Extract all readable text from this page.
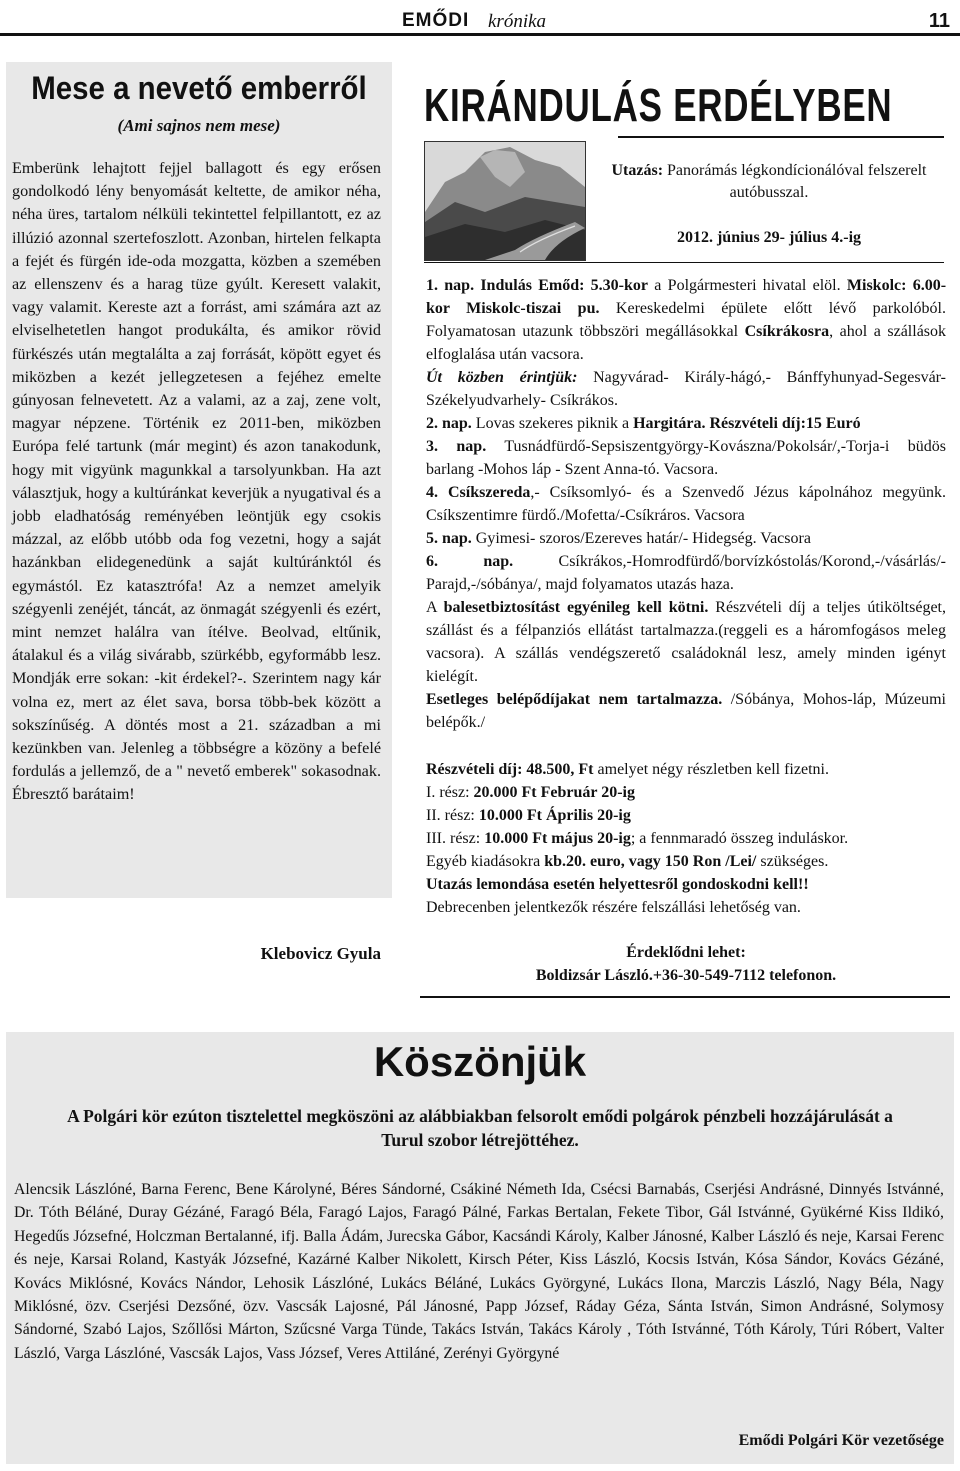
EMŐDI krónika	11
Mese a nevető emberről
(Ami sajnos nem mese)
Emberünk lehajtott fejjel ballagott és egy erősen gondolkodó lény benyomását keltette, de amikor néha, néha üres, tartalom nélküli tekintettel felpillantott, ez az illúzió azonnal szertefoszlott. Azonban, hirtelen felkapta a fejét és fürgén ide-oda mozgatta, közben a szemében az ellenszenv és a harag tüze gyúlt. Keresett valakit, vagy valamit. Kereste azt a forrást, ami számára azt az elviselhetetlen hangot produkálta, és amikor rövid fürkészés után megtalálta a zaj forrását, köpött egyet és miközben a kezét jellegzetesen a fejéhez emelte gúnyosan felnevetett. Az a valami, az a zaj, zene volt, magyar népzene. Történik ez 2011-ben, miközben Európa felé tartunk (már megint) és azon tanakodunk, hogy mit vigyünk magunkkal a tarsolyunkban. Ha azt választjuk, hogy a kultúránkat keverjük a nyugatival és a jobb eladhatóság reményében leöntjük egy csokis mázzal, az előbb utóbb oda fog vezetni, hogy a saját hazánkban elidegenedünk a saját kultúránktól és egymástól. Ez katasztrófa! Az a nemzet amelyik szégyenli zenéjét, táncát, az önmagát szégyenli és ezért, mint nemzet halálra van ítélve. Beolvad, eltűnik, átalakul és a világ sivárabb, szürkébb, egyformább lesz. Mondják erre sokan: -kit érdekel?-. Szerintem nagy kár volna ez, mert az élet sava, borsa több-bek között a sokszínűség. A döntés most a 21. században a mi kezünkben van. Jelenleg a többségre a közöny a befelé fordulás a jellemző, de a " nevető emberek" sokasodnak. Ébresztő barátaim!
Klebovicz Gyula
KIRÁNDULÁS ERDÉLYBEN
Utazás: Panorámás légkondícionálóval felszerelt autóbusszal.
2012. június 29- július 4.-ig

1. nap. Indulás Emőd: 5.30-kor a Polgármesteri hivatal elöl. Miskolc: 6.00-kor Miskolc-tiszai pu. Kereskedelmi épülete előtt lévő parkolóból. Folyamatosan utazunk többszöri megállásokkal Csíkrákosra, ahol a szállások elfoglalása után vacsora.

Út közben érintjük: Nagyvárad- Király-hágó,- Bánffyhunyad-Segesvár- Székelyudvarhely- Csíkrákos.

2. nap. Lovas szekeres piknik a Hargitára. Részvételi díj:15 Euró

3. nap. Tusnádfürdő-Sepsiszentgyörgy-Kovászna/Pokolsár/,-Torja-i büdös barlang -Mohos láp - Szent Anna-tó. Vacsora.

4. Csíkszereda,- Csíksomlyó- és a Szenvedő Jézus kápolnához megyünk. Csíkszentimre fürdő./Mofetta/-Csíkráros. Vacsora

5. nap. Gyimesi- szoros/Ezereves határ/- Hidegség. Vacsora

6. nap.	Csíkrákos,-Homrodfürdő/borvízkóstolás/Korond,-/vásárlás/-Parajd,-/sóbánya/, majd folyamatos utazás haza.

A balesetbiztosítást egyénileg kell kötni. Részvételi díj a teljes útiköltséget, szállást és a félpanziós ellátást tartalmazza.(reggeli es a háromfogásos meleg vacsora). A szállás vendégszerető családoknál lesz, amely minden igényt kielégít.

Esetleges belépődíjakat nem tartalmazza. /Sóbánya, Mohos-láp, Múzeumi belépők./

Részvételi díj: 48.500, Ft amelyet négy részletben kell fizetni.

I. rész: 20.000 Ft Február 20-ig

II. rész: 10.000 Ft Április 20-ig

III. rész: 10.000 Ft május 20-ig; a fennmaradó összeg induláskor.

Egyéb kiadásokra kb.20. euro, vagy 150 Ron /Lei/ szükséges.

Utazás lemondása esetén helyettesről gondoskodni kell!!

Debrecenben jelentkezők részére felszállási lehetőség van.

Érdeklődni lehet:
Boldizsár László.+36-30-549-7112 telefonon.
Köszönjük
A Polgári kör ezúton tisztelettel megköszöni az alábbiakban felsorolt emődi polgárok pénzbeli hozzájárulását a Turul szobor létrejöttéhez.
Alencsik Lászlóné, Barna Ferenc, Bene Károlyné, Béres Sándorné, Csákiné Németh Ida, Csécsi Barnabás, Cserjési Andrásné, Dinnyés Istvánné, Dr. Tóth Béláné, Duray Gézáné, Faragó Béla, Faragó Lajos, Faragó Pálné, Farkas Bertalan, Fekete Tibor, Gál Istvánné, Gyükérné Kiss Ildikó, Hegedűs Józsefné, Holczman Bertalanné, ifj. Balla Ádám, Jurecska Gábor, Kacsándi Károly, Kalber Jánosné, Kalber László és neje, Karsai Ferenc és neje, Karsai Roland, Kastyák Józsefné, Kazárné Kalber Nikolett, Kirsch Péter, Kiss László, Kocsis István, Kósa Sándor, Kovács Gézáné, Kovács Miklósné, Kovács Nándor, Lehosik Lászlóné, Lukács Béláné, Lukács Györgyné, Lukács Ilona, Marczis László, Nagy Béla, Nagy Miklósné, özv. Cserjési Dezsőné, özv. Vascsák Lajosné, Pál Jánosné, Papp József, Ráday Géza, Sánta István, Simon Andrásné, Solymosy Sándorné, Szabó Lajos, Szőllősi Márton, Szűcsné Varga Tünde, Takács István, Takács Károly , Tóth Istvánné, Tóth Károly, Túri Róbert, Valter László, Varga Lászlóné, Vascsák Lajos, Vass József, Veres Attiláné, Zerényi Györgyné
Emődi Polgári Kör vezetősége
